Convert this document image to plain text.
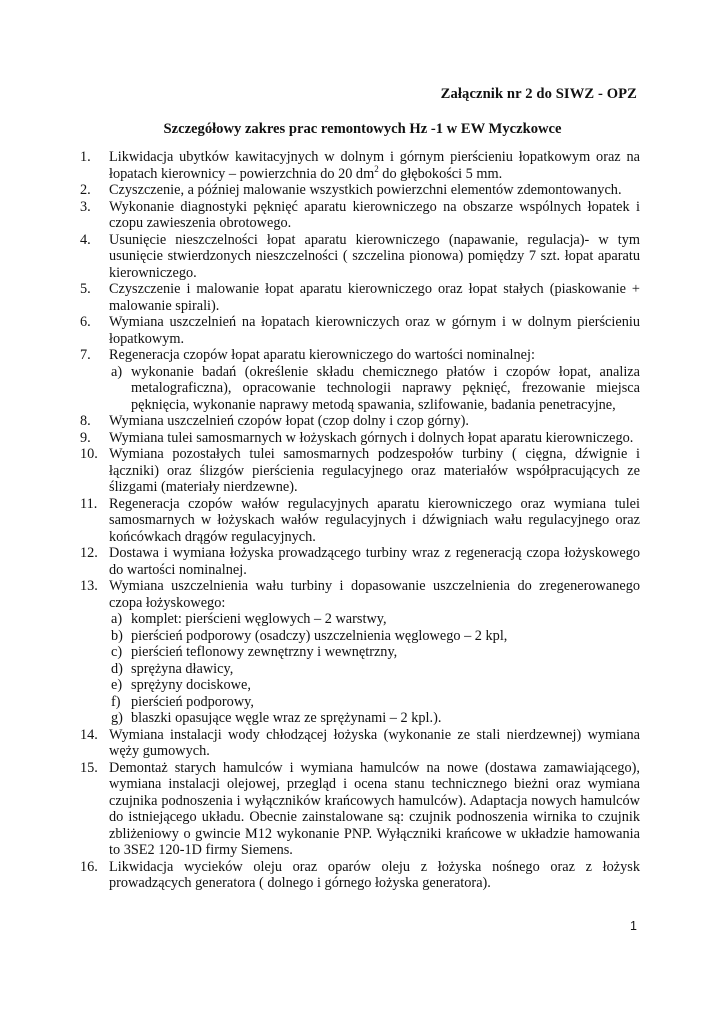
Załącznik nr 2 do SIWZ - OPZ
Szczegółowy zakres prac remontowych Hz -1 w EW Myczkowce
1.	Likwidacja ubytków kawitacyjnych w dolnym i górnym pierścieniu łopatkowym oraz na łopatach kierownicy – powierzchnia do 20 $dm^2$ do głębokości 5 mm.
2.	Czyszczenie, a później malowanie wszystkich powierzchni elementów zdemontowanych.
3.	Wykonanie diagnostyki pęknięć aparatu kierowniczego na obszarze wspólnych łopatek i czopu zawieszenia obrotowego.
4.	Usunięcie nieszczelności łopat aparatu kierowniczego (napawanie, regulacja)- w tym usunięcie stwierdzonych nieszczelności ( szczelina pionowa) pomiędzy 7 szt. łopat aparatu kierowniczego.
5.	Czyszczenie i malowanie łopat aparatu kierowniczego oraz łopat stałych (piaskowanie + malowanie spirali).
6.	Wymiana uszczelnień na łopatach kierowniczych oraz w górnym i w dolnym pierścieniu łopatkowym.
7.	Regeneracja czopów łopat aparatu kierowniczego do wartości nominalnej:
a) wykonanie badań (określenie składu chemicznego płatów i czopów łopat, analiza metalograficzna), opracowanie technologii naprawy pęknięć, frezowanie miejsca pęknięcia, wykonanie naprawy metodą spawania, szlifowanie, badania penetracyjne,
8.	Wymiana uszczelnień czopów łopat (czop dolny i czop górny).
9.	Wymiana tulei samosmarnych w łożyskach górnych i dolnych łopat aparatu kierowniczego.
10. Wymiana pozostałych tulei samosmarnych podzespołów turbiny ( cięgna, dźwignie i łączniki) oraz ślizgów pierścienia regulacyjnego oraz materiałów współpracujących ze ślizgami (materiały nierdzewne).
11. Regeneracja czopów wałów regulacyjnych aparatu kierowniczego oraz wymiana tulei samosmarnych w łożyskach wałów regulacyjnych i dźwigniach wału regulacyjnego oraz końcówkach drągów regulacyjnych.
12. Dostawa i wymiana łożyska prowadzącego turbiny wraz z regeneracją czopa łożyskowego do wartości nominalnej.
13. Wymiana uszczelnienia wału turbiny i dopasowanie uszczelnienia do zregenerowanego czopa łożyskowego:
a) komplet: pierścieni węglowych – 2 warstwy,
b) pierścień podporowy (osadczy) uszczelnienia węglowego – 2 kpl,
c) pierścień teflonowy zewnętrzny i wewnętrzny,
d) sprężyna dławicy,
e) sprężyny dociskowe,
f) pierścień podporowy,
g) blaszki opasujące węgle wraz ze sprężynami – 2 kpl.).
14. Wymiana instalacji wody chłodzącej łożyska (wykonanie ze stali nierdzewnej) wymiana węży gumowych.
15. Demontaż starych hamulców i wymiana hamulców na nowe (dostawa zamawiającego), wymiana instalacji olejowej, przegląd i ocena stanu technicznego bieżni oraz wymiana czujnika podnoszenia i wyłączników krańcowych hamulców). Adaptacja nowych hamulców do istniejącego układu. Obecnie zainstalowane są: czujnik podnoszenia wirnika to czujnik zbliżeniowy o gwincie M12 wykonanie PNP. Wyłączniki krańcowe w układzie hamowania to 3SE2 120-1D firmy Siemens.
16. Likwidacja wycieków oleju oraz oparów oleju z łożyska nośnego oraz z łożysk prowadzących generatora ( dolnego i górnego łożyska generatora).
1
